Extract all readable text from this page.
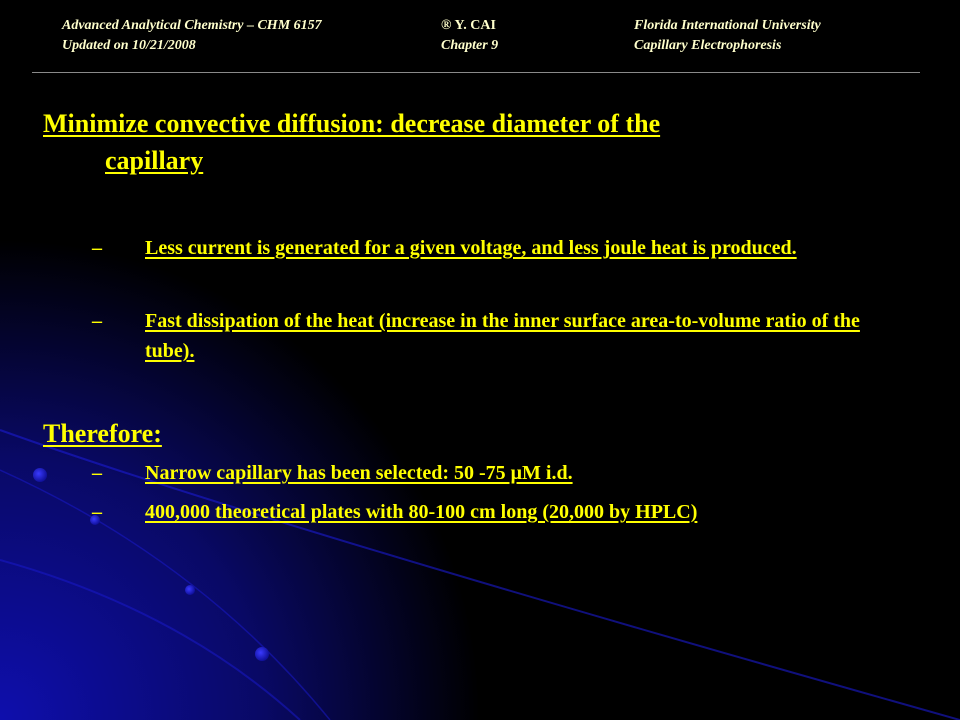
Advanced Analytical Chemistry – CHM 6157
Updated on 10/21/2008
® Y. CAI
Chapter 9
Florida International University
Capillary Electrophoresis
Minimize convective diffusion: decrease diameter of the
capillary
– Less current is generated for a given voltage, and less joule heat is produced.
– Fast dissipation of the heat (increase in the inner surface area-to-volume ratio of the tube).
Therefore:
– Narrow capillary has been selected: 50 -75 μM i.d.
– 400,000 theoretical plates with 80-100 cm long (20,000 by HPLC)
